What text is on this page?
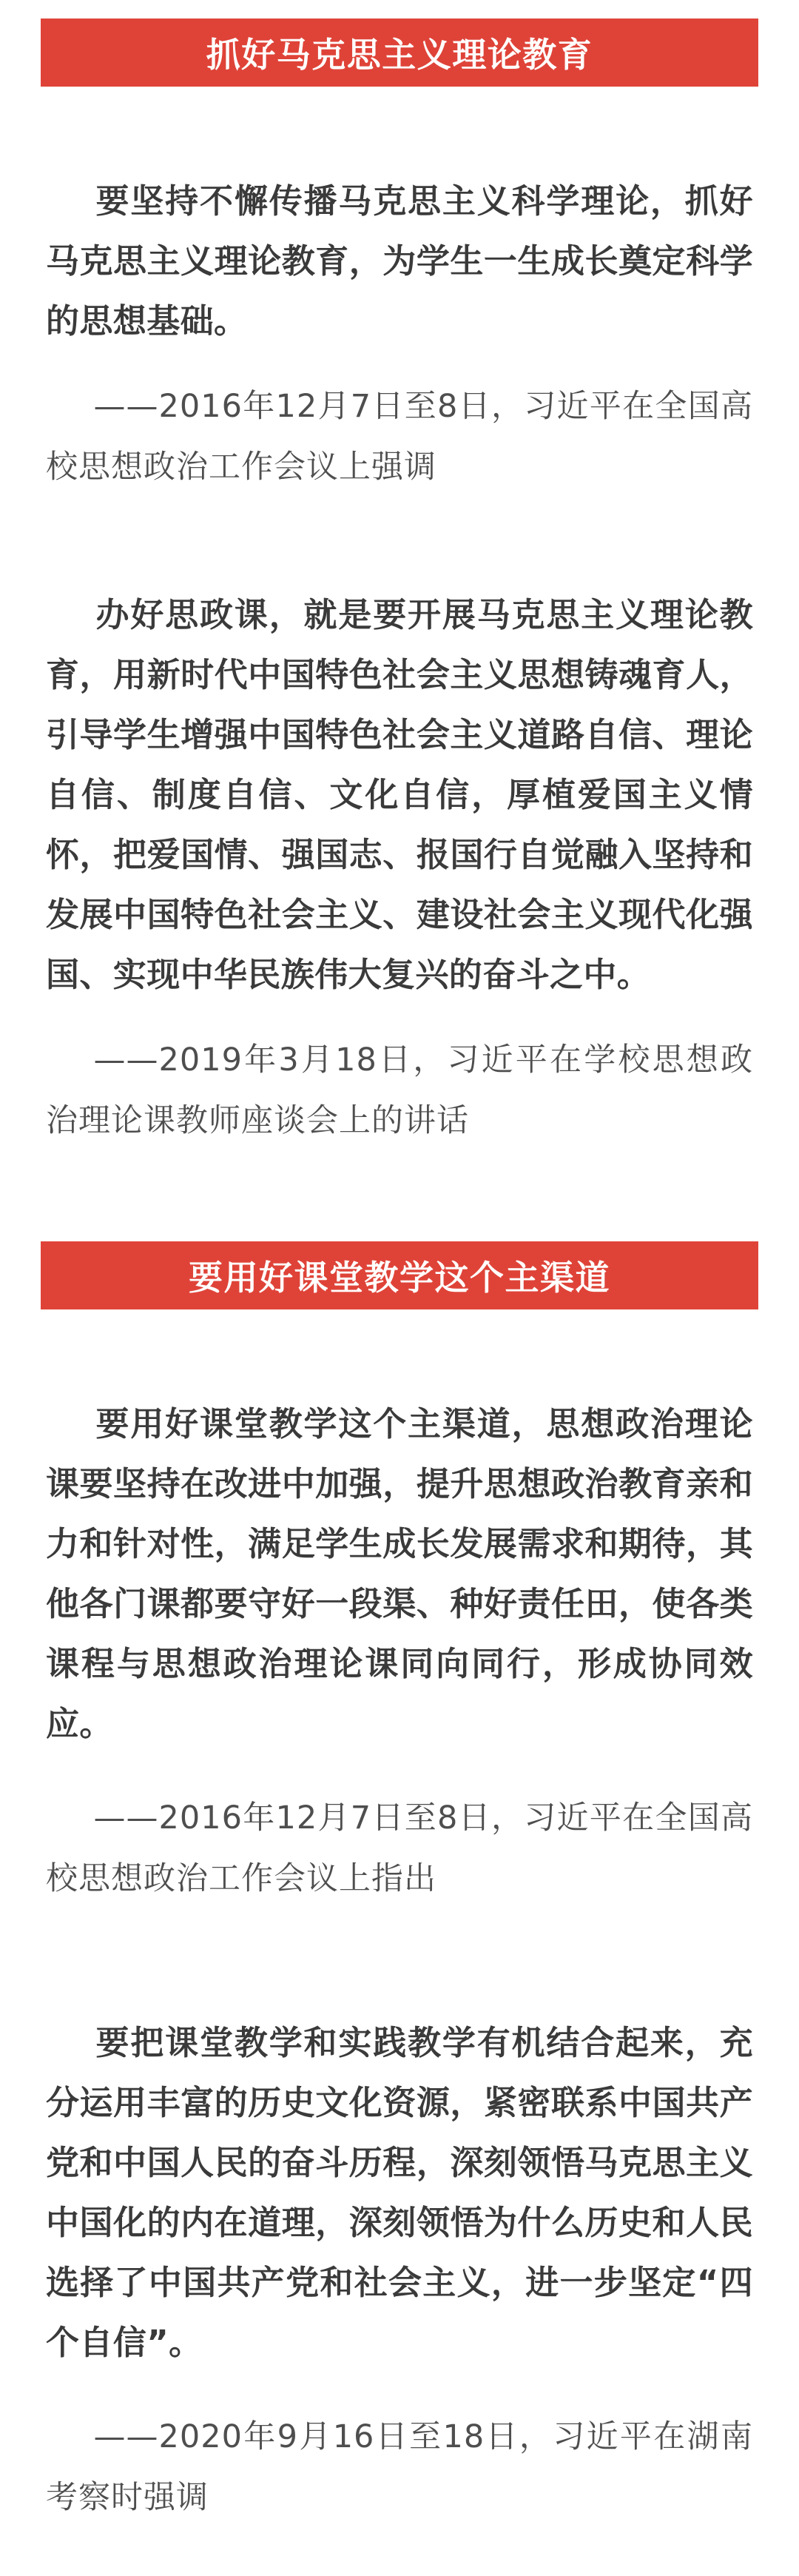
抓好马克思主义理论教育

要坚持不懈传播马克思主义科学理论，抓好马克思主义理论教育，为学生一生成长奠定科学的思想基础。

——2016年12月7日至8日，习近平在全国高校思想政治工作会议上强调

办好思政课，就是要开展马克思主义理论教育，用新时代中国特色社会主义思想铸魂育人，引导学生增强中国特色社会主义道路自信、理论自信、制度自信、文化自信，厚植爱国主义情怀，把爱国情、强国志、报国行自觉融入坚持和发展中国特色社会主义、建设社会主义现代化强国、实现中华民族伟大复兴的奋斗之中。

——2019年3月18日，习近平在学校思想政治理论课教师座谈会上的讲话

要用好课堂教学这个主渠道

要用好课堂教学这个主渠道，思想政治理论课要坚持在改进中加强，提升思想政治教育亲和力和针对性，满足学生成长发展需求和期待，其他各门课都要守好一段渠、种好责任田，使各类课程与思想政治理论课同向同行，形成协同效应。

——2016年12月7日至8日，习近平在全国高校思想政治工作会议上指出

要把课堂教学和实践教学有机结合起来，充分运用丰富的历史文化资源，紧密联系中国共产党和中国人民的奋斗历程，深刻领悟马克思主义中国化的内在道理，深刻领悟为什么历史和人民选择了中国共产党和社会主义，进一步坚定“四个自信”。

——2020年9月16日至18日，习近平在湖南考察时强调
